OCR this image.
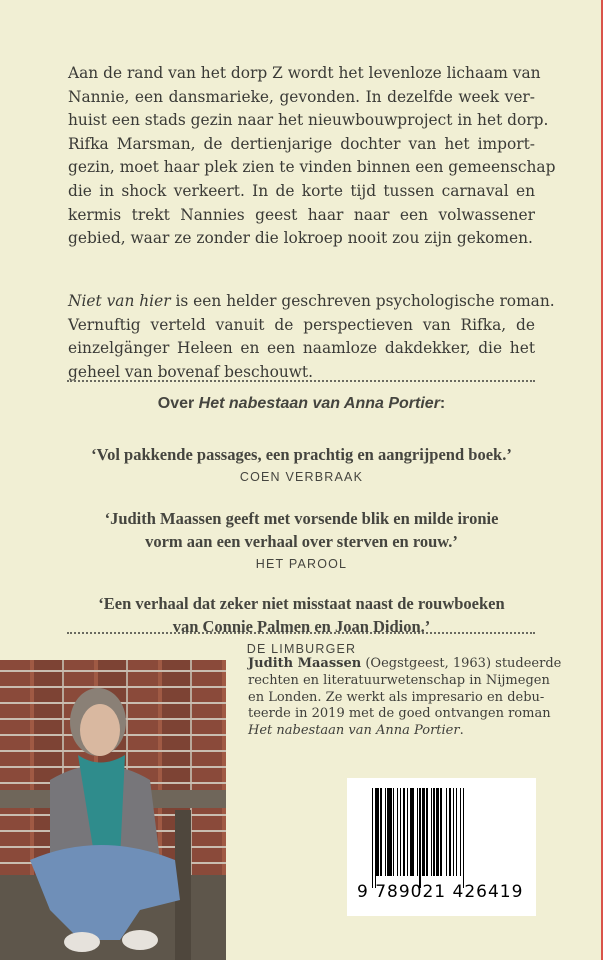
Aan de rand van het dorp Z wordt het levenloze lichaam van
Nannie, een dansmarieke, gevonden. In dezelfde week ver-
huist een stads gezin naar het nieuwbouwproject in het dorp.
Rifka Marsman, de dertienjarige dochter van het import-
gezin, moet haar plek zien te vinden binnen een gemeenschap
die in shock verkeert. In de korte tijd tussen carnaval en
kermis trekt Nannies geest haar naar een volwassener
gebied, waar ze zonder die lokroep nooit zou zijn gekomen.
Niet van hier is een helder geschreven psychologische roman.
Vernuftig verteld vanuit de perspectieven van Rifka, de
einzelgänger Heleen en een naamloze dakdekker, die het
geheel van bovenaf beschouwt.
Over Het nabestaan van Anna Portier:
‘Vol pakkende passages, een prachtig en aangrijpend boek.’
COEN VERBRAAK
‘Judith Maassen geeft met vorsende blik en milde ironie
vorm aan een verhaal over sterven en rouw.’
HET PAROOL
‘Een verhaal dat zeker niet misstaat naast de rouwboeken
van Connie Palmen en Joan Didion.’
DE LIMBURGER
Judith Maassen (Oegstgeest, 1963) studeerde
rechten en literatuurwetenschap in Nijmegen
en Londen. Ze werkt als impresario en debu-
teerde in 2019 met de goed ontvangen roman
Het nabestaan van Anna Portier.
9 789021 426419
